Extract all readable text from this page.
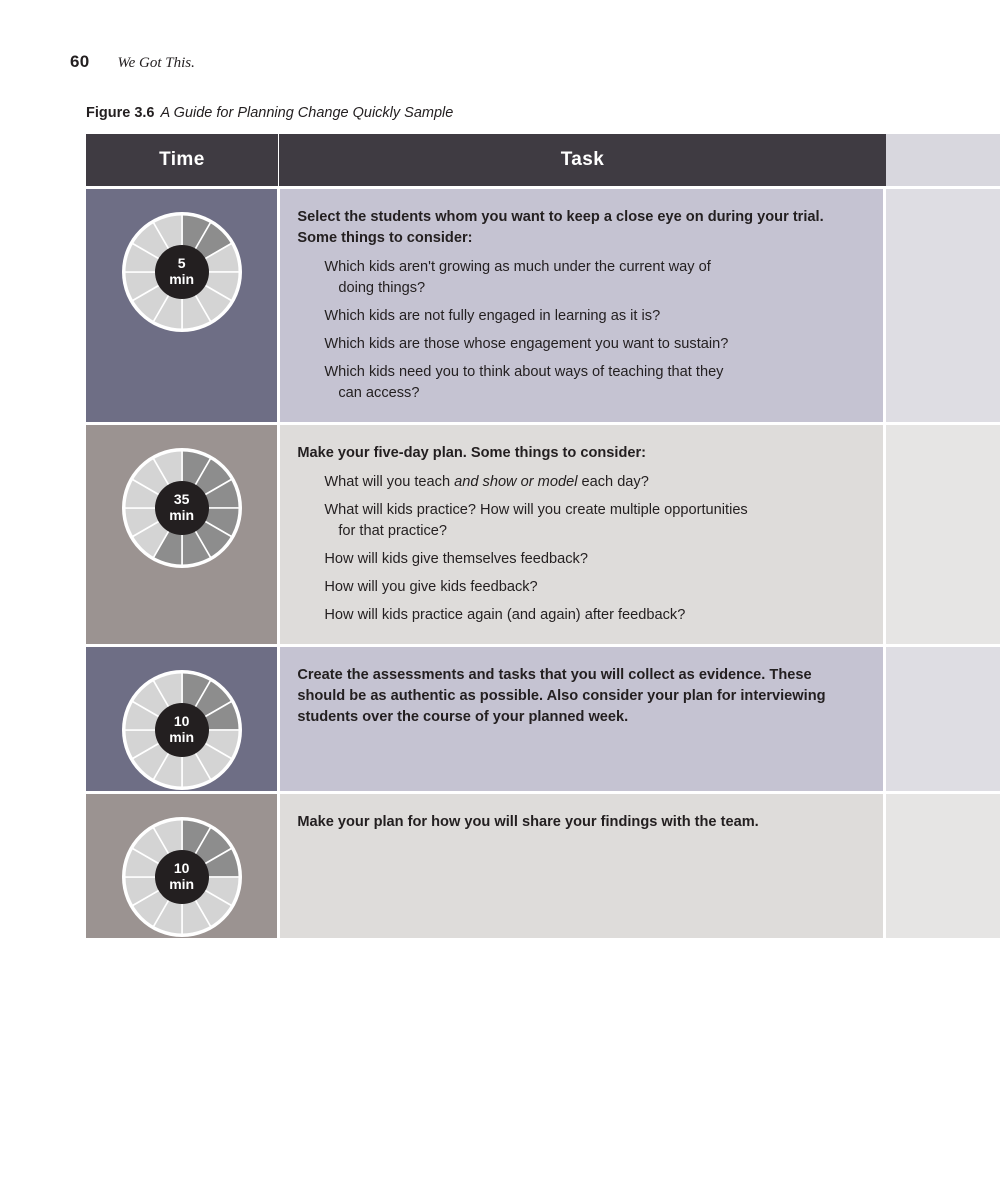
60 We Got This.
Figure 3.6 A Guide for Planning Change Quickly Sample
Time	Task
5
min

Select the students whom you want to keep a close eye on during your trial. Some things to consider:

Which kids aren't growing as much under the current way of
doing things?
Which kids are not fully engaged in learning as it is?
Which kids are those whose engagement you want to sustain?
Which kids need you to think about ways of teaching that they
can access?
35
min

Make your five-day plan. Some things to consider:

What will you teach and show or model each day?
What will kids practice? How will you create multiple opportunities
for that practice?
How will kids give themselves feedback?
How will you give kids feedback?
How will kids practice again (and again) after feedback?
10
min

Create the assessments and tasks that you will collect as evidence. These should be as authentic as possible. Also consider your plan for interviewing students over the course of your planned week.

10
min

Make your plan for how you will share your findings with the team.
